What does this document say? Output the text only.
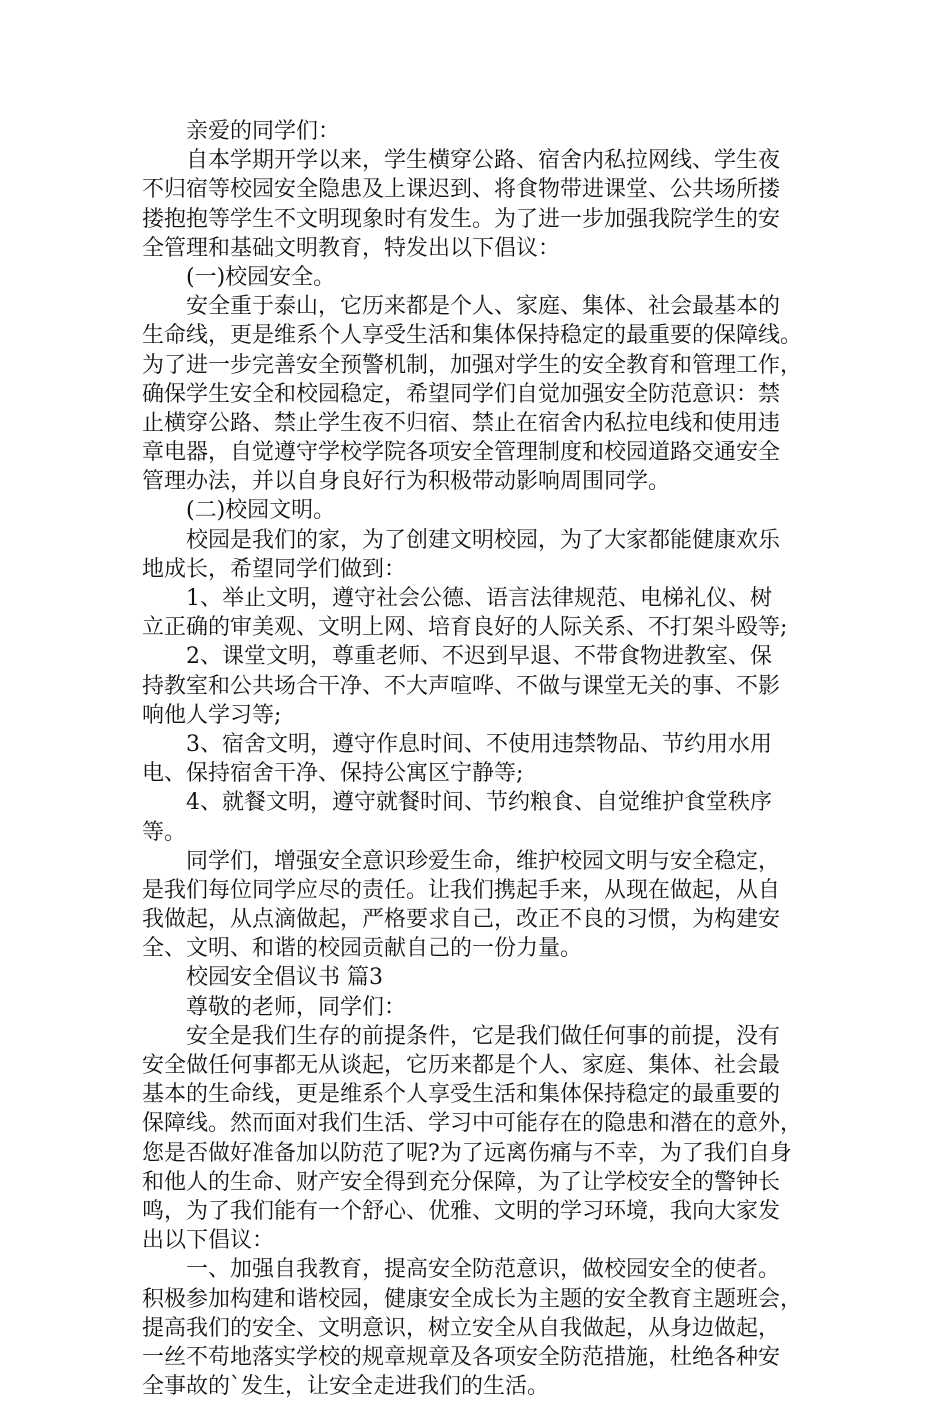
　　亲爱的同学们：
　　自本学期开学以来，学生横穿公路、宿舍内私拉网线、学生夜
不归宿等校园安全隐患及上课迟到、将食物带进课堂、公共场所搂
搂抱抱等学生不文明现象时有发生。为了进一步加强我院学生的安
全管理和基础文明教育，特发出以下倡议：
　　(一)校园安全。
　　安全重于泰山，它历来都是个人、家庭、集体、社会最基本的
生命线，更是维系个人享受生活和集体保持稳定的最重要的保障线。
为了进一步完善安全预警机制，加强对学生的安全教育和管理工作，
确保学生安全和校园稳定，希望同学们自觉加强安全防范意识：禁
止横穿公路、禁止学生夜不归宿、禁止在宿舍内私拉电线和使用违
章电器，自觉遵守学校学院各项安全管理制度和校园道路交通安全
管理办法，并以自身良好行为积极带动影响周围同学。
　　(二)校园文明。
　　校园是我们的家，为了创建文明校园，为了大家都能健康欢乐
地成长，希望同学们做到：
　　1、举止文明，遵守社会公德、语言法律规范、电梯礼仪、树
立正确的审美观、文明上网、培育良好的人际关系、不打架斗殴等;
　　2、课堂文明，尊重老师、不迟到早退、不带食物进教室、保
持教室和公共场合干净、不大声喧哗、不做与课堂无关的事、不影
响他人学习等;
　　3、宿舍文明，遵守作息时间、不使用违禁物品、节约用水用
电、保持宿舍干净、保持公寓区宁静等;
　　4、就餐文明，遵守就餐时间、节约粮食、自觉维护食堂秩序
等。
　　同学们，增强安全意识珍爱生命，维护校园文明与安全稳定，
是我们每位同学应尽的责任。让我们携起手来，从现在做起，从自
我做起，从点滴做起，严格要求自己，改正不良的习惯，为构建安
全、文明、和谐的校园贡献自己的一份力量。
　　校园安全倡议书 篇3
　　尊敬的老师，同学们：
　　安全是我们生存的前提条件，它是我们做任何事的前提，没有
安全做任何事都无从谈起，它历来都是个人、家庭、集体、社会最
基本的生命线，更是维系个人享受生活和集体保持稳定的最重要的
保障线。然而面对我们生活、学习中可能存在的隐患和潜在的意外，
您是否做好准备加以防范了呢?为了远离伤痛与不幸，为了我们自身
和他人的生命、财产安全得到充分保障，为了让学校安全的警钟长
鸣，为了我们能有一个舒心、优雅、文明的学习环境，我向大家发
出以下倡议：
　　一、加强自我教育，提高安全防范意识，做校园安全的使者。
积极参加构建和谐校园，健康安全成长为主题的安全教育主题班会，
提高我们的安全、文明意识，树立安全从自我做起，从身边做起，
一丝不苟地落实学校的规章规章及各项安全防范措施，杜绝各种安
全事故的`发生，让安全走进我们的生活。
